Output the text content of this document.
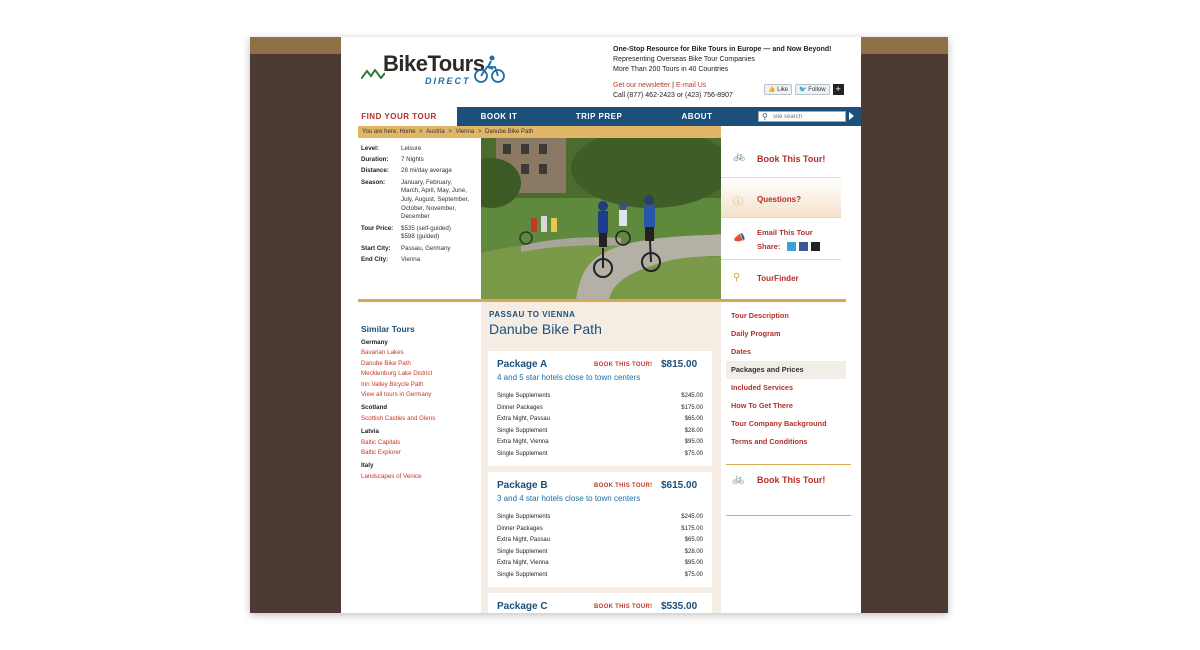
BikeTours
DIRECT
One-Stop Resource for Bike Tours in Europe — and Now Beyond!
Representing Overseas Bike Tour Companies
More Than 200 Tours in 40 Countries
Get our newsletter | E-mail Us
Call (877) 462-2423 or (423) 756-8907
👍 Like	🐦 Follow	+
FIND YOUR TOUR	BOOK IT	TRIP PREP	ABOUT	⚲
site search
You are here: Home > Austria > Vienna > Danube Bike Path
Level:	Leisure
Duration:	7 Nights
Distance:	28 mi/day average
Season:	January, February, March, April, May, June, July, August, September, October, November, December
Tour Price:	$535 (self-guided) $598 (guided)
Start City:	Passau, Germany
End City:	Vienna
🚲 Book This Tour!
ⓘ Questions?
📣
Email This Tour
Share:
⚲ TourFinder
Similar Tours
Germany
Bavarian Lakes
Danube Bike Path
Mecklenburg Lake District
Inn Valley Bicycle Path
View all tours in Germany
Scotland
Scottish Castles and Glens
Latvia
Baltic Capitals
Baltic Explorer
Italy
Landscapes of Venice
PASSAU TO VIENNA
Danube Bike Path
Package A	BOOK THIS TOUR! $815.00
4 and 5 star hotels close to town centers
Single Supplements	$245.00
Dinner Packages	$175.00
Extra Night, Passau	$65.00
Single Supplement	$28.00
Extra Night, Vienna	$95.00
Single Supplement	$75.00
Package B	BOOK THIS TOUR! $615.00
3 and 4 star hotels close to town centers
Single Supplements	$245.00
Dinner Packages	$175.00
Extra Night, Passau	$65.00
Single Supplement	$28.00
Extra Night, Vienna	$95.00
Single Supplement	$75.00
Package C	BOOK THIS TOUR! $535.00
Tour Description
Daily Program
Dates
Packages and Prices
Included Services
How To Get There
Tour Company Background
Terms and Conditions
🚲 Book This Tour!
